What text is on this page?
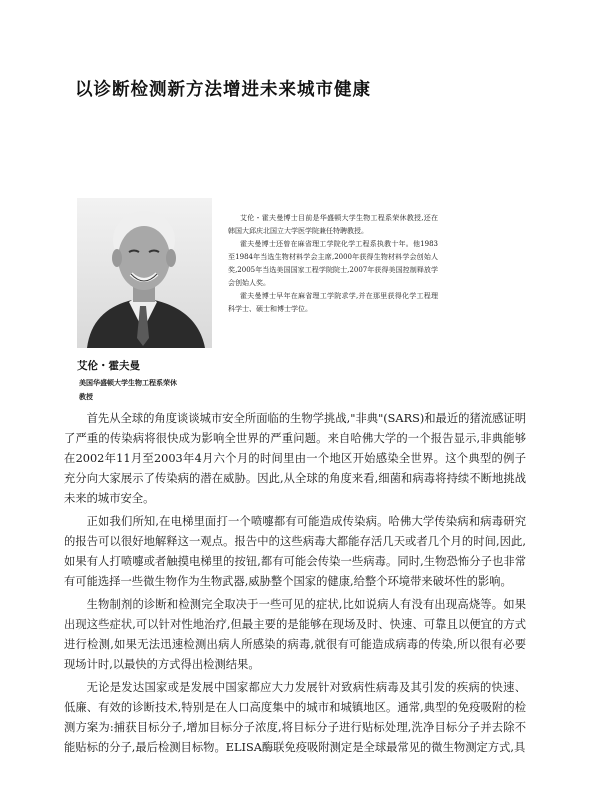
以诊断检测新方法增进未来城市健康

艾伦・霍夫曼博士目前是华盛顿大学生物工程系荣休教授,还在韩国大邱庆北国立大学医学院兼任特聘教授。

霍夫曼博士还曾在麻省理工学院化学工程系执教十年。他1983至1984年当选生物材料学会主席,2000年获得生物材料学会创始人奖,2005年当选美国国家工程学院院士,2007年获得美国控制释放学会创始人奖。

霍夫曼博士早年在麻省理工学院求学,并在那里获得化学工程理科学士、硕士和博士学位。

艾伦・霍夫曼
美国华盛顿大学生物工程系荣休
教授

首先从全球的角度谈谈城市安全所面临的生物学挑战,"非典"(SARS)和最近的猪流感证明了严重的传染病将很快成为影响全世界的严重问题。来自哈佛大学的一个报告显示,非典能够在2002年11月至2003年4月六个月的时间里由一个地区开始感染全世界。这个典型的例子充分向大家展示了传染病的潜在威胁。因此,从全球的角度来看,细菌和病毒将持续不断地挑战未来的城市安全。

正如我们所知,在电梯里面打一个喷嚏都有可能造成传染病。哈佛大学传染病和病毒研究的报告可以很好地解释这一观点。报告中的这些病毒大都能存活几天或者几个月的时间,因此,如果有人打喷嚏或者触摸电梯里的按钮,都有可能会传染一些病毒。同时,生物恐怖分子也非常有可能选择一些微生物作为生物武器,威胁整个国家的健康,给整个环境带来破坏性的影响。

生物制剂的诊断和检测完全取决于一些可见的症状,比如说病人有没有出现高烧等。如果出现这些症状,可以针对性地治疗,但最主要的是能够在现场及时、快速、可靠且以便宜的方式进行检测,如果无法迅速检测出病人所感染的病毒,就很有可能造成病毒的传染,所以很有必要现场计时,以最快的方式得出检测结果。

无论是发达国家或是发展中国家都应大力发展针对致病性病毒及其引发的疾病的快速、低廉、有效的诊断技术,特别是在人口高度集中的城市和城镇地区。通常,典型的免疫吸附的检测方案为:捕获目标分子,增加目标分子浓度,将目标分子进行贴标处理,洗净目标分子并去除不能贴标的分子,最后检测目标物。ELISA酶联免疫吸附测定是全球最常见的微生物测定方式,具
